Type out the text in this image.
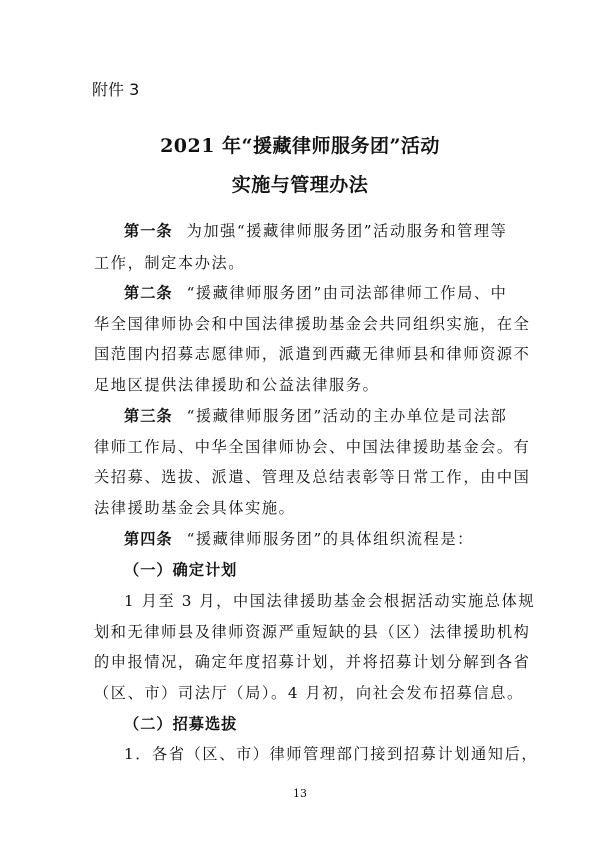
附件 3
2021 年“援藏律师服务团”活动
实施与管理办法
第一条 为加强“援藏律师服务团”活动服务和管理等
工作，制定本办法。
第二条 “援藏律师服务团”由司法部律师工作局、中
华全国律师协会和中国法律援助基金会共同组织实施，在全
国范围内招募志愿律师，派遣到西藏无律师县和律师资源不
足地区提供法律援助和公益法律服务。
第三条 “援藏律师服务团”活动的主办单位是司法部
律师工作局、中华全国律师协会、中国法律援助基金会。有
关招募、选拔、派遣、管理及总结表彰等日常工作，由中国
法律援助基金会具体实施。
第四条 “援藏律师服务团”的具体组织流程是：
（一）确定计划
1 月至 3 月，中国法律援助基金会根据活动实施总体规
划和无律师县及律师资源严重短缺的县（区）法律援助机构
的申报情况，确定年度招募计划，并将招募计划分解到各省
（区、市）司法厅（局）。4 月初，向社会发布招募信息。
（二）招募选拔
1．各省（区、市）律师管理部门接到招募计划通知后，
13
